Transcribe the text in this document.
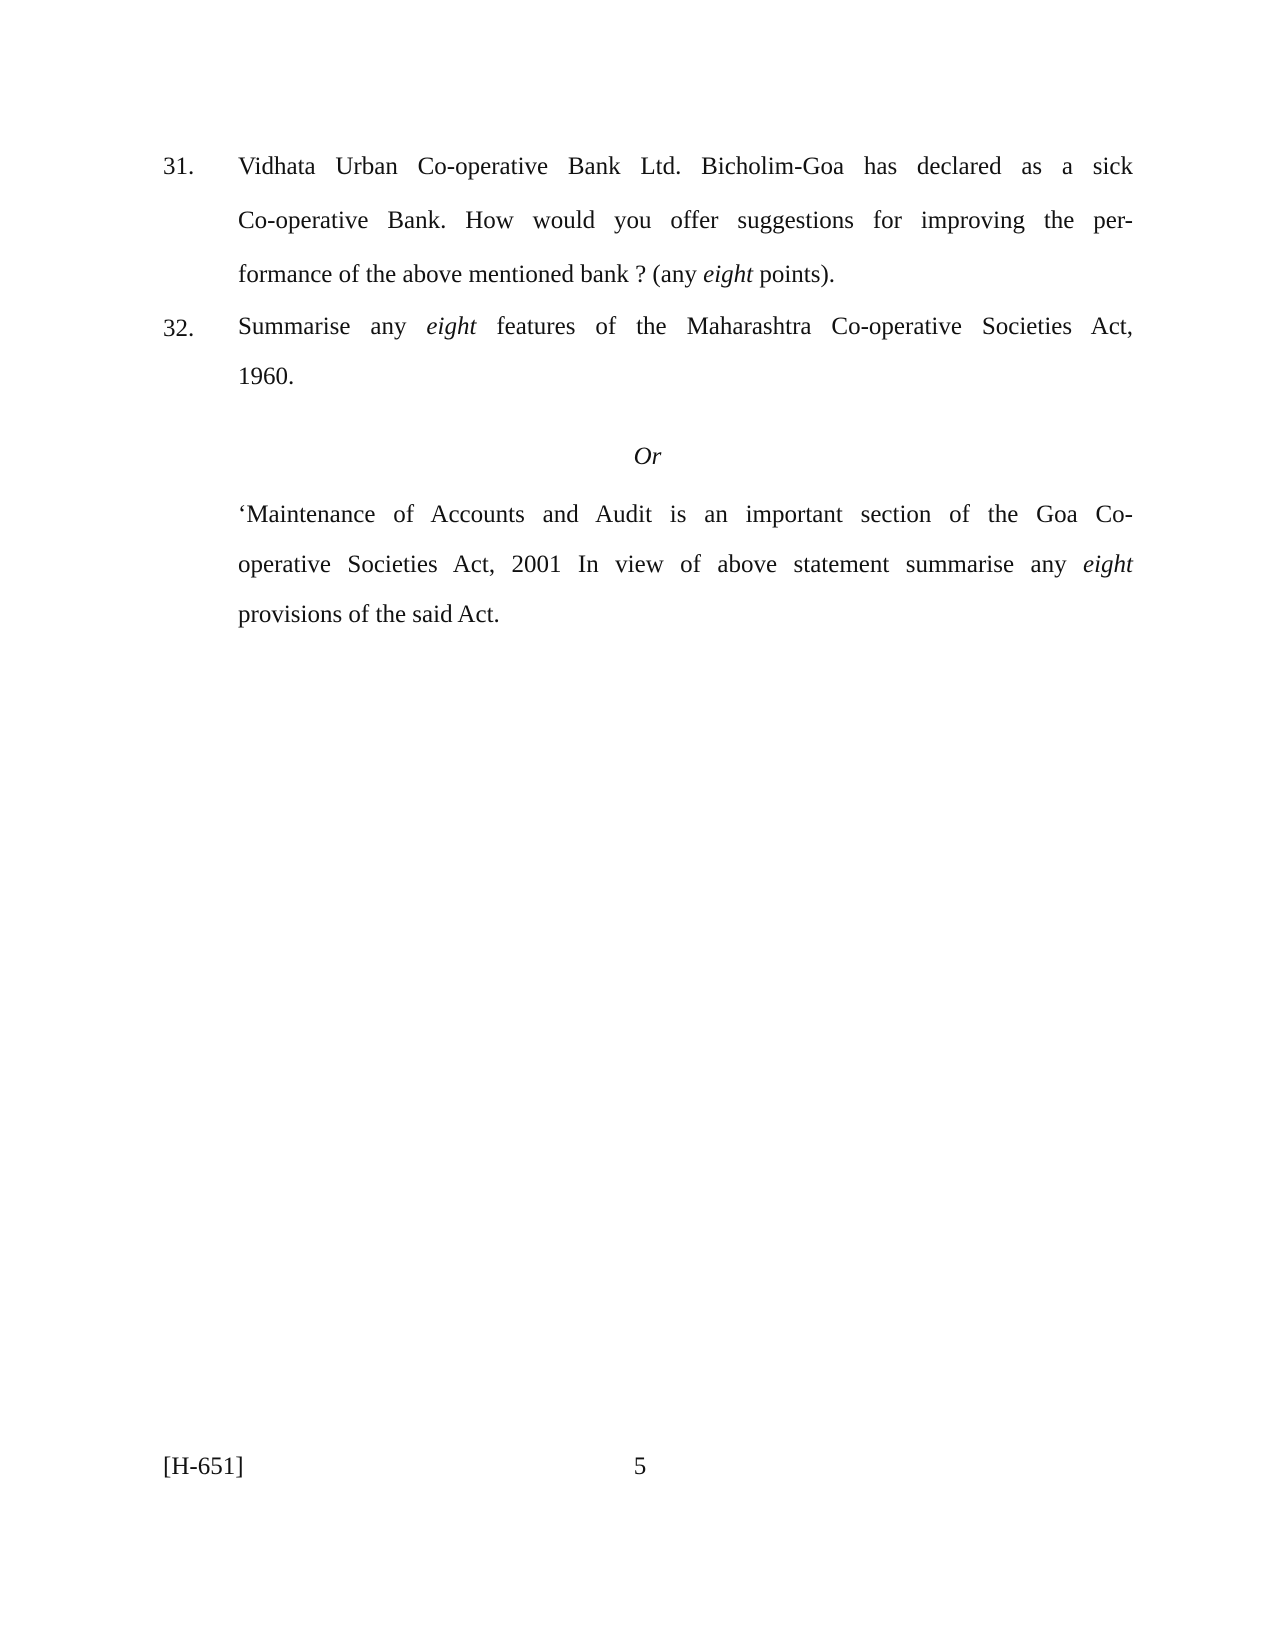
31. Vidhata Urban Co-operative Bank Ltd. Bicholim-Goa has declared as a sick
Co-operative Bank. How would you offer suggestions for improving the per-
formance of the above mentioned bank ? (any eight points).
32. Summarise any eight features of the Maharashtra Co-operative Societies Act,
1960.
Or
‘Maintenance of Accounts and Audit is an important section of the Goa Co-
operative Societies Act, 2001 In view of above statement summarise any eight
provisions of the said Act.
[H-651]	5
